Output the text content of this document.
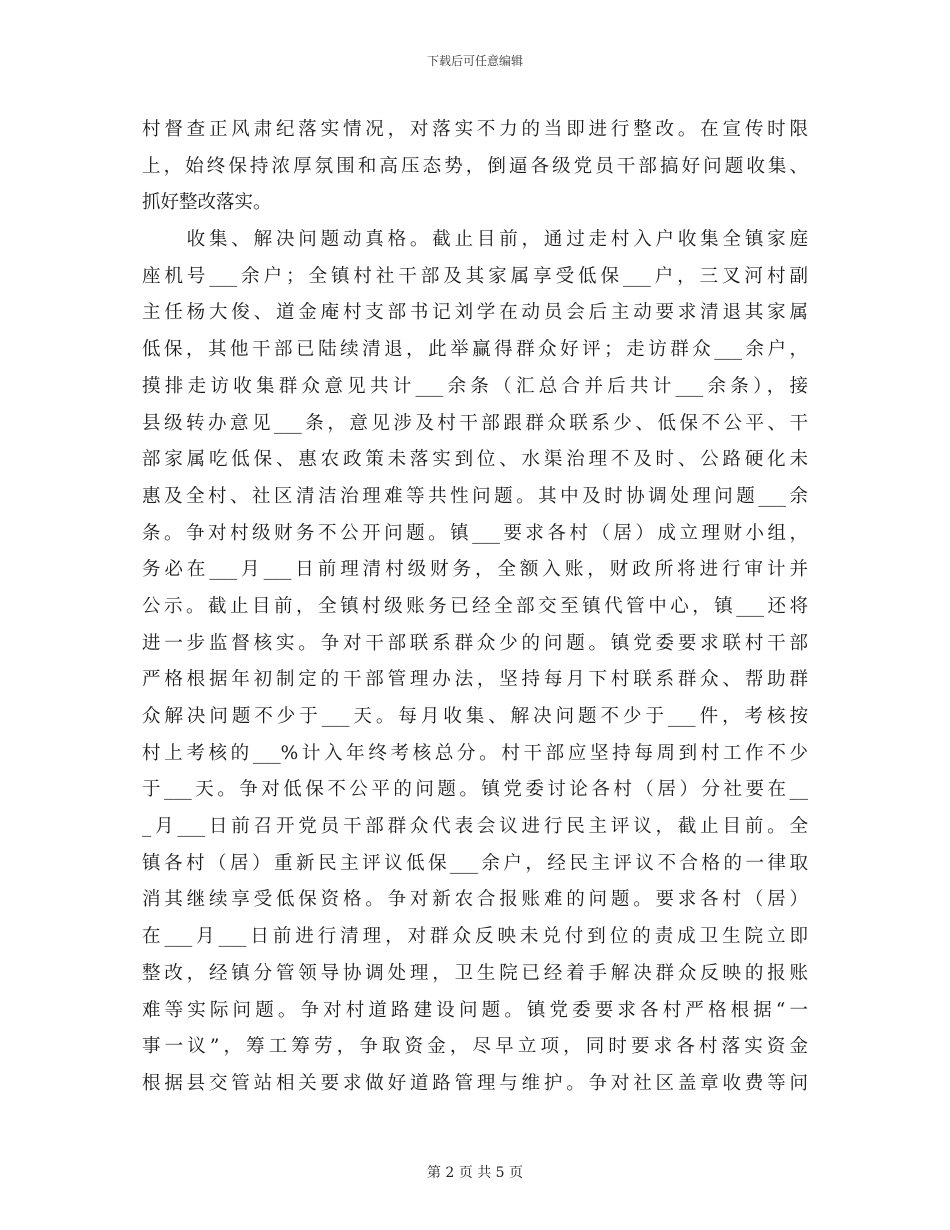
下载后可任意编辑
村督查正风肃纪落实情况，对落实不力的当即进行整改。在宣传时限
上，始终保持浓厚氛围和高压态势，倒逼各级党员干部搞好问题收集、
抓好整改落实。
　　收集、解决问题动真格。截止目前，通过走村入户收集全镇家庭
座机号___余户；全镇村社干部及其家属享受低保___户，三叉河村副
主任杨大俊、道金庵村支部书记刘学在动员会后主动要求清退其家属
低保，其他干部已陆续清退，此举赢得群众好评；走访群众___余户，
摸排走访收集群众意见共计___余条（汇总合并后共计___余条），接
县级转办意见___条，意见涉及村干部跟群众联系少、低保不公平、干
部家属吃低保、惠农政策未落实到位、水渠治理不及时、公路硬化未
惠及全村、社区清洁治理难等共性问题。其中及时协调处理问题___余
条。争对村级财务不公开问题。镇___要求各村（居）成立理财小组，
务必在___月___日前理清村级财务，全额入账，财政所将进行审计并
公示。截止目前，全镇村级账务已经全部交至镇代管中心，镇___还将
进一步监督核实。争对干部联系群众少的问题。镇党委要求联村干部
严格根据年初制定的干部管理办法，坚持每月下村联系群众、帮助群
众解决问题不少于___天。每月收集、解决问题不少于___件，考核按
村上考核的___%计入年终考核总分。村干部应坚持每周到村工作不少
于___天。争对低保不公平的问题。镇党委讨论各村（居）分社要在__
_月___日前召开党员干部群众代表会议进行民主评议，截止目前。全
镇各村（居）重新民主评议低保___余户，经民主评议不合格的一律取
消其继续享受低保资格。争对新农合报账难的问题。要求各村（居）
在___月___日前进行清理，对群众反映未兑付到位的责成卫生院立即
整改，经镇分管领导协调处理，卫生院已经着手解决群众反映的报账
难等实际问题。争对村道路建设问题。镇党委要求各村严格根据“一
事一议”，筹工筹劳，争取资金，尽早立项，同时要求各村落实资金
根据县交管站相关要求做好道路管理与维护。争对社区盖章收费等问
第 2 页 共 5 页
